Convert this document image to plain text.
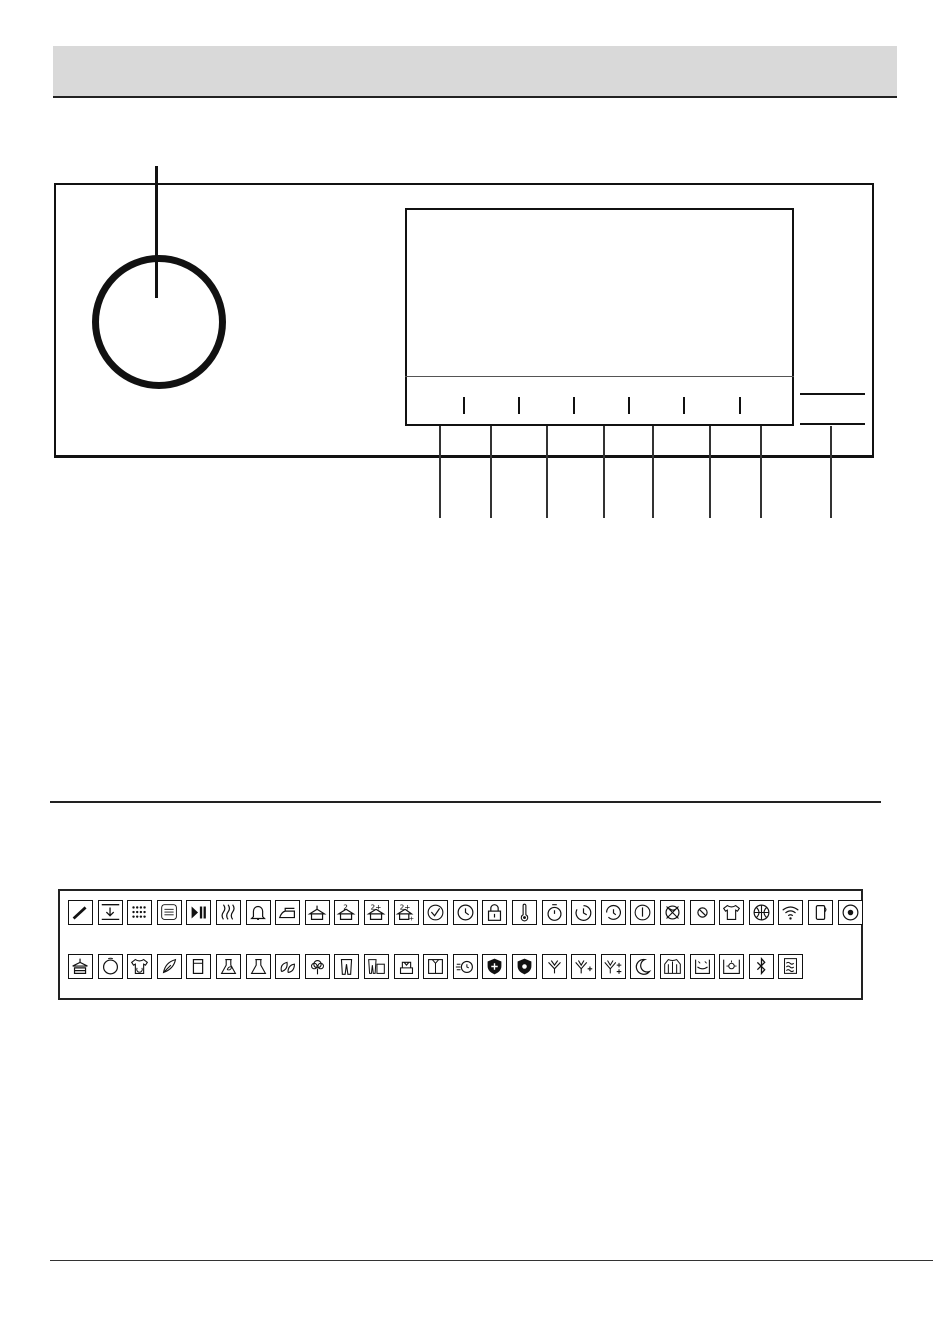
2	2+ 2+
+
